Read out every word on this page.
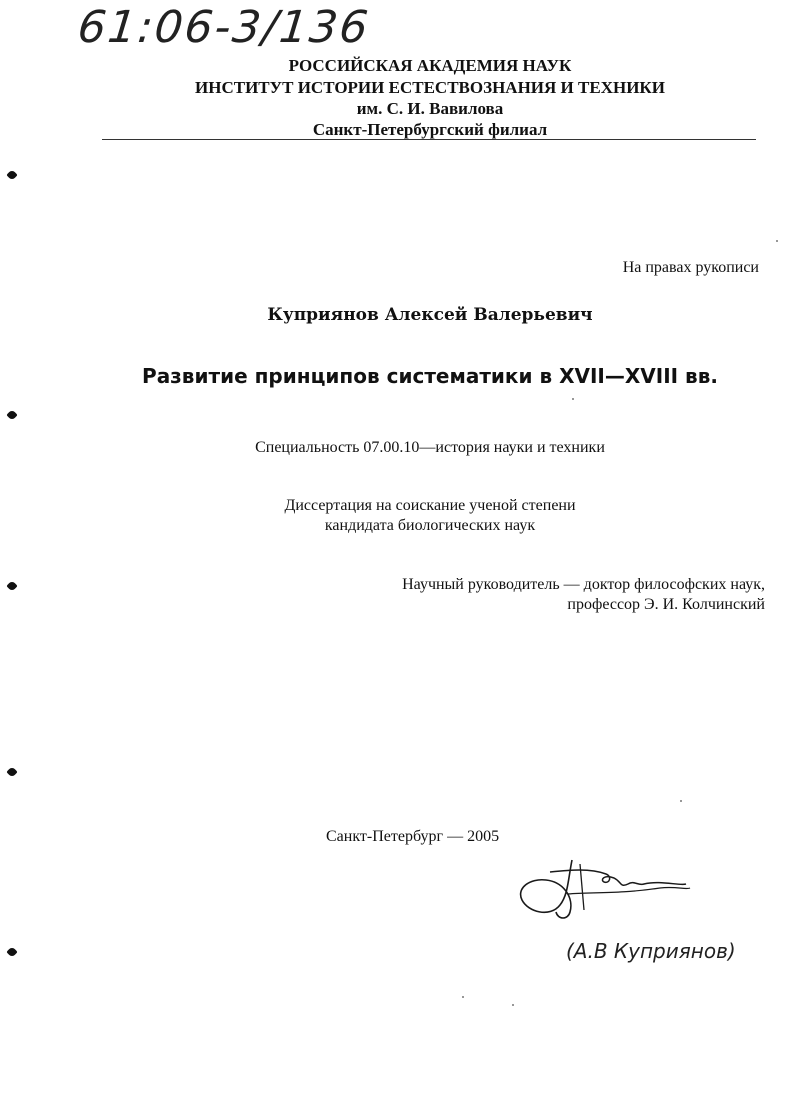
61:06-3/136
РОССИЙСКАЯ АКАДЕМИЯ НАУК
ИНСТИТУТ ИСТОРИИ ЕСТЕСТВОЗНАНИЯ И ТЕХНИКИ
им. С. И. Вавилова
Санкт-Петербургский филиал
На правах рукописи
Куприянов Алексей Валерьевич
Развитие принципов систематики в XVII—XVIII вв.
Специальность 07.00.10—история науки и техники
Диссертация на соискание ученой степени
кандидата биологических наук
Научный руководитель — доктор философских наук,
профессор Э. И. Колчинский
Санкт-Петербург — 2005
(А.В Куприянов)
